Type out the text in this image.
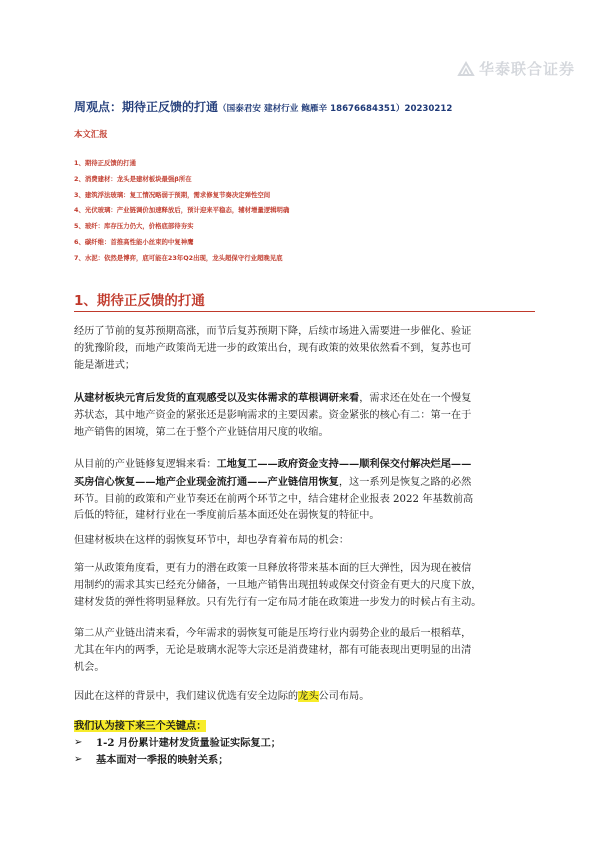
华泰联合证券
周观点：期待正反馈的打通（国泰君安 建材行业 鲍雁辛 18676684351）20230212
本文汇报
1、期待正反馈的打通
2、消费建材：龙头是建材板块最强β所在
3、建筑浮法玻璃：复工情况略弱于预期，需求修复节奏决定弹性空间
4、光伏玻璃：产业链调价加速释放后，预计迎来平稳态，辅材增量逻辑明确
5、玻纤：库存压力仍大，价格底部待夯实
6、碳纤维：首推高性能小丝束的中复神鹰
7、水泥：依然是博弈，底可能在23年Q2出现，龙头超保守行业超晚见底
1、期待正反馈的打通
经历了节前的复苏预期高涨，而节后复苏预期下降，后续市场进入需要进一步催化、验证
的犹豫阶段，而地产政策尚无进一步的政策出台，现有政策的效果依然看不到，复苏也可
能是渐进式；
从建材板块元宵后发货的直观感受以及实体需求的草根调研来看，需求还在处在一个慢复
苏状态，其中地产资金的紧张还是影响需求的主要因素。资金紧张的核心有二：第一在于
地产销售的困境，第二在于整个产业链信用尺度的收缩。
从目前的产业链修复逻辑来看：工地复工——政府资金支持——顺利保交付解决烂尾——
买房信心恢复——地产企业现金流打通——产业链信用恢复，这一系列是恢复之路的必然
环节。目前的政策和产业节奏还在前两个环节之中，结合建材企业报表 2022 年基数前高
后低的特征，建材行业在一季度前后基本面还处在弱恢复的特征中。
但建材板块在这样的弱恢复环节中，却也孕育着布局的机会：
第一从政策角度看，更有力的潜在政策一旦释放将带来基本面的巨大弹性，因为现在被信
用制约的需求其实已经充分储备，一旦地产销售出现扭转或保交付资金有更大的尺度下放，
建材发货的弹性将明显释放。只有先行有一定布局才能在政策进一步发力的时候占有主动。
第二从产业链出清来看，今年需求的弱恢复可能是压垮行业内弱势企业的最后一根稻草，
尤其在年内的两季，无论是玻璃水泥等大宗还是消费建材，都有可能表现出更明显的出清
机会。
因此在这样的背景中，我们建议优选有安全边际的龙头公司布局。
我们认为接下来三个关键点：
➢	1-2 月份累计建材发货量验证实际复工；
➢	基本面对一季报的映射关系；
